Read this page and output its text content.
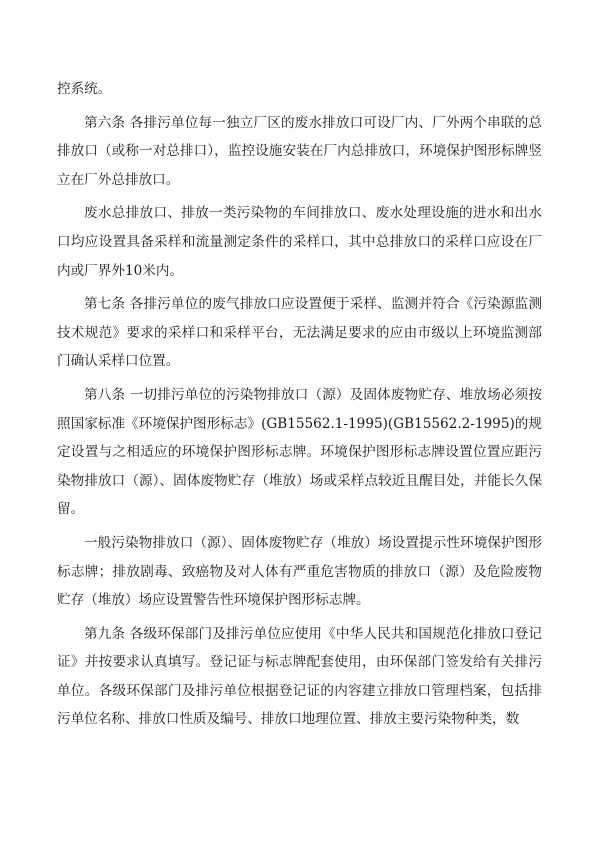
控系统。

第六条 各排污单位每一独立厂区的废水排放口可设厂内、厂外两个串联的总排放口（或称一对总排口），监控设施安装在厂内总排放口，环境保护图形标牌竖立在厂外总排放口。

废水总排放口、排放一类污染物的车间排放口、废水处理设施的进水和出水口均应设置具备采样和流量测定条件的采样口，其中总排放口的采样口应设在厂内或厂界外10米内。

第七条 各排污单位的废气排放口应设置便于采样、监测并符合《污染源监测技术规范》要求的采样口和采样平台，无法满足要求的应由市级以上环境监测部门确认采样口位置。

第八条 一切排污单位的污染物排放口（源）及固体废物贮存、堆放场必须按照国家标准《环境保护图形标志》(GB15562.1-1995)(GB15562.2-1995)的规定设置与之相适应的环境保护图形标志牌。环境保护图形标志牌设置位置应距污染物排放口（源）、固体废物贮存（堆放）场或采样点较近且醒目处，并能长久保留。

一般污染物排放口（源）、固体废物贮存（堆放）场设置提示性环境保护图形标志牌；排放剧毒、致癌物及对人体有严重危害物质的排放口（源）及危险废物贮存（堆放）场应设置警告性环境保护图形标志牌。

第九条 各级环保部门及排污单位应使用《中华人民共和国规范化排放口登记证》并按要求认真填写。登记证与标志牌配套使用，由环保部门签发给有关排污单位。各级环保部门及排污单位根据登记证的内容建立排放口管理档案，包括排污单位名称、排放口性质及编号、排放口地理位置、排放主要污染物种类，数
